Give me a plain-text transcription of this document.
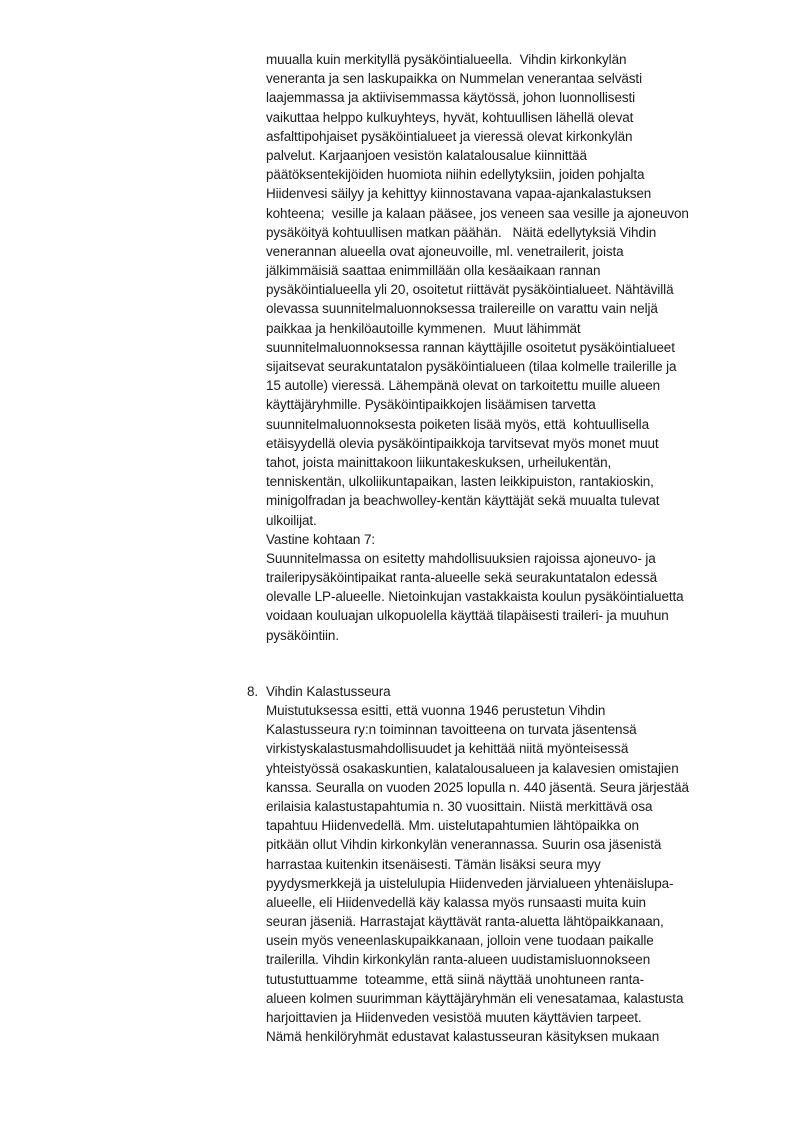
muualla kuin merkityllä pysäköintialueella.  Vihdin kirkonkylän
veneranta ja sen laskupaikka on Nummelan venerantaa selvästi
laajemmassa ja aktiivisemmassa käytössä, johon luonnollisesti
vaikuttaa helppo kulkuyhteys, hyvät, kohtuullisen lähellä olevat
asfalttipohjaiset pysäköintialueet ja vieressä olevat kirkonkylän
palvelut. Karjaanjoen vesistön kalatalousalue kiinnittää
päätöksentekijöiden huomiota niihin edellytyksiin, joiden pohjalta
Hiidenvesi säilyy ja kehittyy kiinnostavana vapaa-ajankalastuksen
kohteena;  vesille ja kalaan pääsee, jos veneen saa vesille ja ajoneuvon
pysäköityä kohtuullisen matkan päähän.   Näitä edellytyksiä Vihdin
venerannan alueella ovat ajoneuvoille, ml. venetrailerit, joista
jälkimmäisiä saattaa enimmillään olla kesäaikaan rannan
pysäköintialueella yli 20, osoitetut riittävät pysäköintialueet. Nähtävillä
olevassa suunnitelmaluonnoksessa trailereille on varattu vain neljä
paikkaa ja henkilöautoille kymmenen.  Muut lähimmät
suunnitelmaluonnoksessa rannan käyttäjille osoitetut pysäköintialueet
sijaitsevat seurakuntatalon pysäköintialueen (tilaa kolmelle trailerille ja
15 autolle) vieressä. Lähempänä olevat on tarkoitettu muille alueen
käyttäjäryhmille. Pysäköintipaikkojen lisäämisen tarvetta
suunnitelmaluonnoksesta poiketen lisää myös, että  kohtuullisella
etäisyydellä olevia pysäköintipaikkoja tarvitsevat myös monet muut
tahot, joista mainittakoon liikuntakeskuksen, urheilukentän,
tenniskentän, ulkoliikuntapaikan, lasten leikkipuiston, rantakioskin,
minigolfradan ja beachwolley-kentän käyttäjät sekä muualta tulevat
ulkoilijat.
Vastine kohtaan 7:
Suunnitelmassa on esitetty mahdollisuuksien rajoissa ajoneuvo- ja
traileripysäköintipaikat ranta-alueelle sekä seurakuntatalon edessä
olevalle LP-alueelle. Nietoinkujan vastakkaista koulun pysäköintialuetta
voidaan kouluajan ulkopuolella käyttää tilapäisesti traileri- ja muuhun
pysäköintiin.
8. Vihdin Kalastusseura
Muistutuksessa esitti, että vuonna 1946 perustetun Vihdin
Kalastusseura ry:n toiminnan tavoitteena on turvata jäsentensä
virkistyskalastusmahdollisuudet ja kehittää niitä myönteisessä
yhteistyössä osakaskuntien, kalatalousalueen ja kalavesien omistajien
kanssa. Seuralla on vuoden 2025 lopulla n. 440 jäsentä. Seura järjestää
erilaisia kalastustapahtumia n. 30 vuosittain. Niistä merkittävä osa
tapahtuu Hiidenvedellä. Mm. uistelutapahtumien lähtöpaikka on
pitkään ollut Vihdin kirkonkylän venerannassa. Suurin osa jäsenistä
harrastaa kuitenkin itsenäisesti. Tämän lisäksi seura myy
pyydysmerkkejä ja uistelulupia Hiidenveden järvialueen yhtenäislupa-
alueelle, eli Hiidenvedellä käy kalassa myös runsaasti muita kuin
seuran jäseniä. Harrastajat käyttävät ranta-aluetta lähtöpaikkanaan,
usein myös veneenlaskupaikkanaan, jolloin vene tuodaan paikalle
trailerilla. Vihdin kirkonkylän ranta-alueen uudistamisluonnokseen
tutustuttuamme  toteamme, että siinä näyttää unohtuneen ranta-
alueen kolmen suurimman käyttäjäryhmän eli venesatamaa, kalastusta
harjoittavien ja Hiidenveden vesistöä muuten käyttävien tarpeet.
Nämä henkilöryhmät edustavat kalastusseuran käsityksen mukaan
